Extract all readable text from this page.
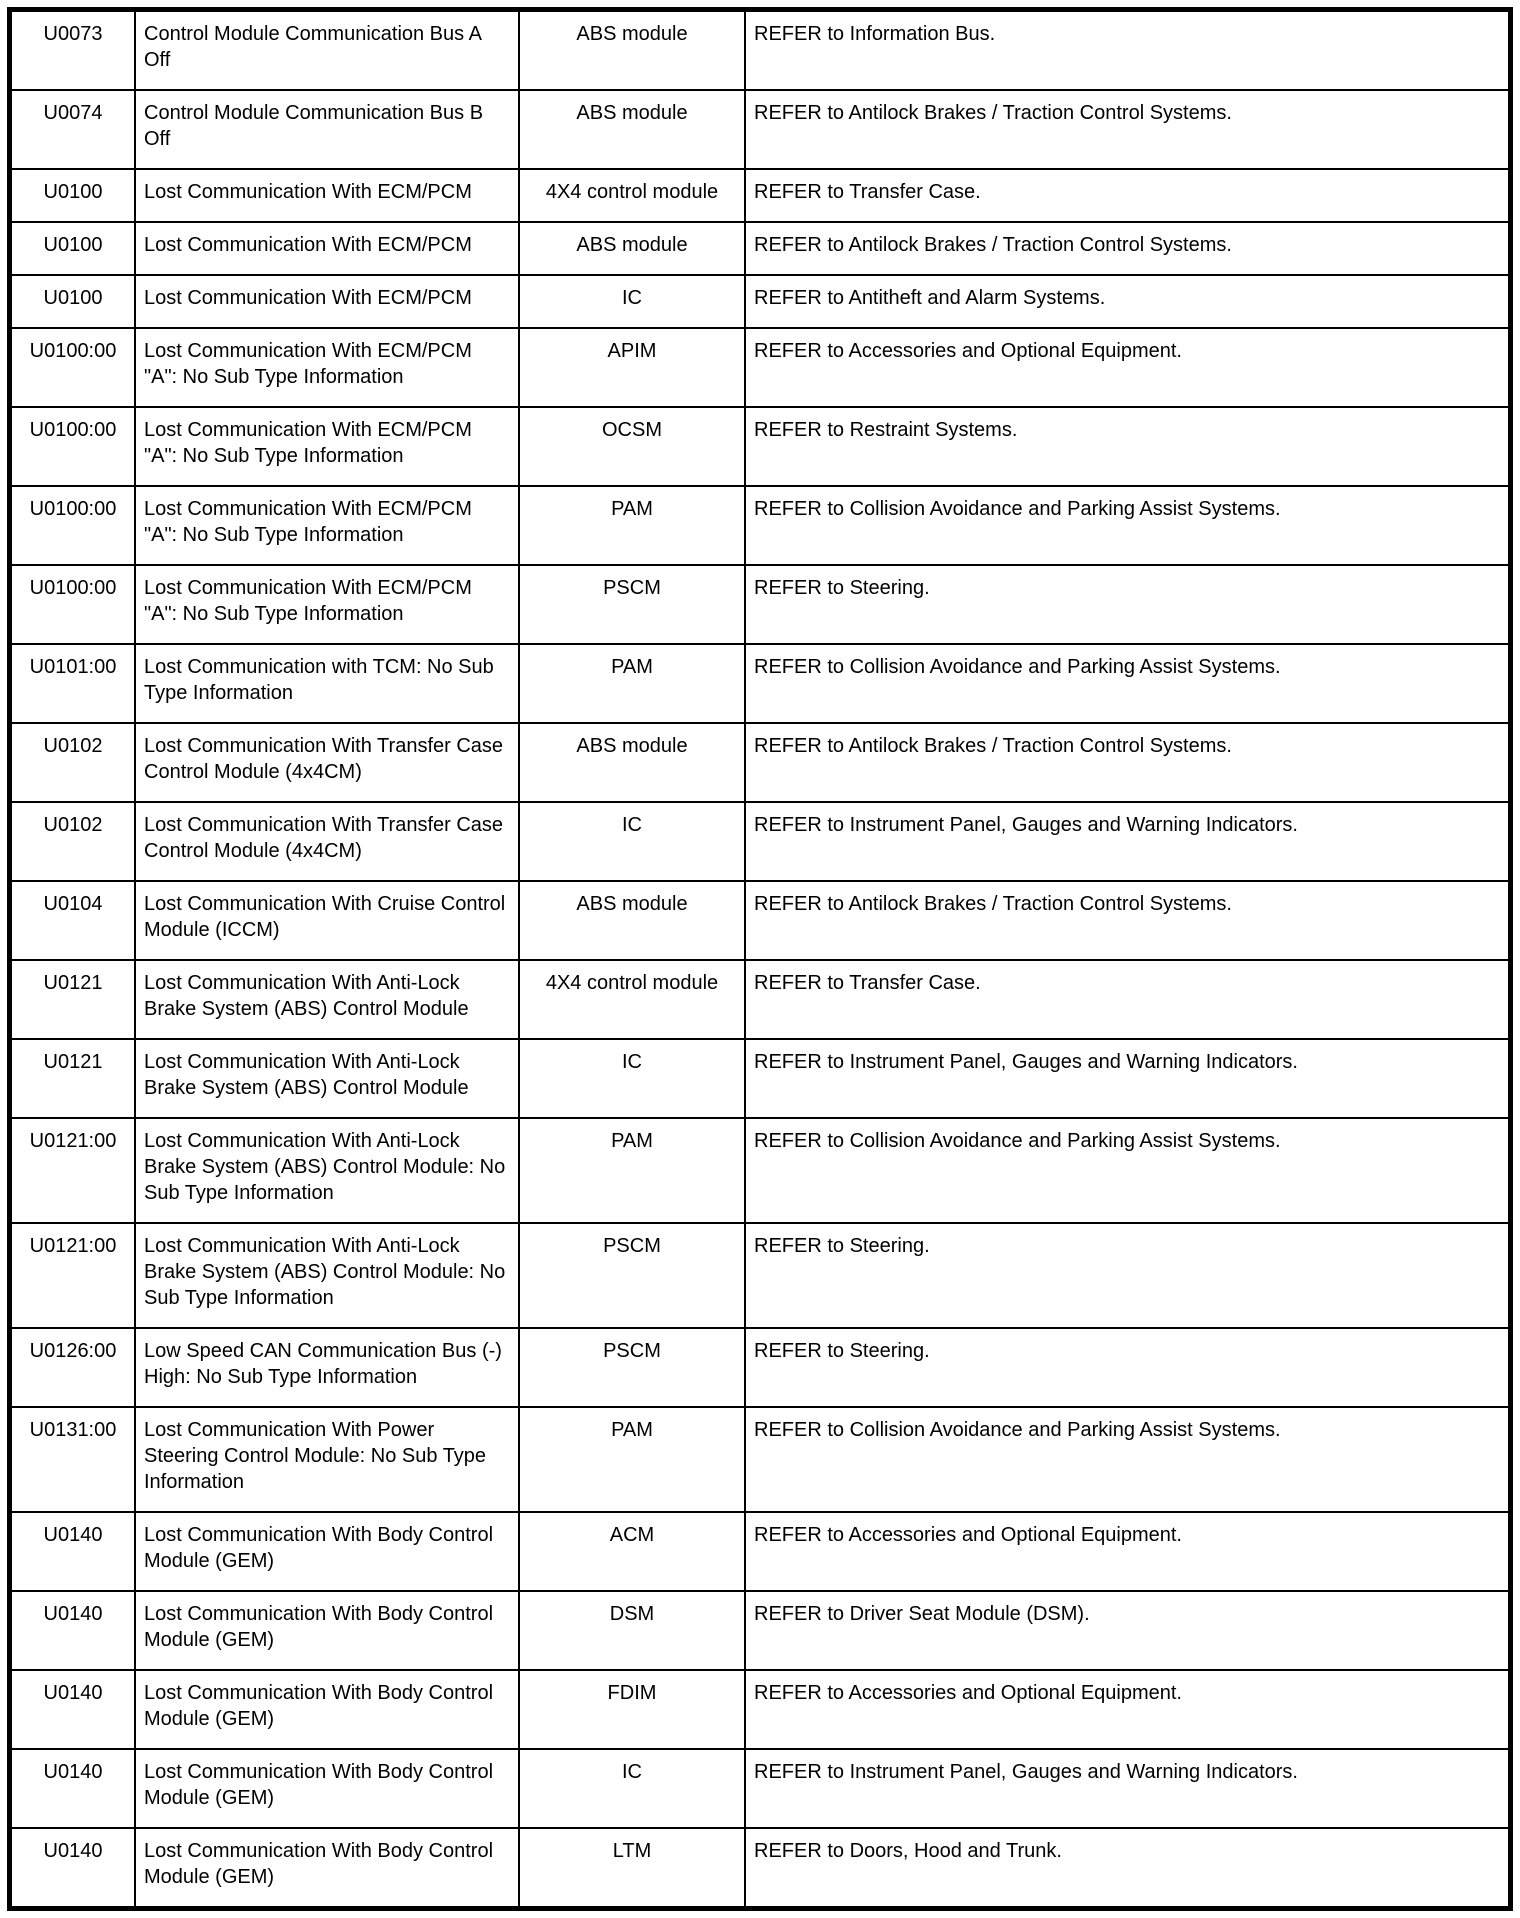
U0073	Control Module Communication Bus A Off	ABS module	REFER to Information Bus.
U0074	Control Module Communication Bus B Off	ABS module	REFER to Antilock Brakes / Traction Control Systems.
U0100	Lost Communication With ECM/PCM	4X4 control module	REFER to Transfer Case.
U0100	Lost Communication With ECM/PCM	ABS module	REFER to Antilock Brakes / Traction Control Systems.
U0100	Lost Communication With ECM/PCM	IC	REFER to Antitheft and Alarm Systems.
U0100:00	Lost Communication With ECM/PCM "A": No Sub Type Information	APIM	REFER to Accessories and Optional Equipment.
U0100:00	Lost Communication With ECM/PCM "A": No Sub Type Information	OCSM	REFER to Restraint Systems.
U0100:00	Lost Communication With ECM/PCM "A": No Sub Type Information	PAM	REFER to Collision Avoidance and Parking Assist Systems.
U0100:00	Lost Communication With ECM/PCM "A": No Sub Type Information	PSCM	REFER to Steering.
U0101:00	Lost Communication with TCM: No Sub Type Information	PAM	REFER to Collision Avoidance and Parking Assist Systems.
U0102	Lost Communication With Transfer Case Control Module (4x4CM)	ABS module	REFER to Antilock Brakes / Traction Control Systems.
U0102	Lost Communication With Transfer Case Control Module (4x4CM)	IC	REFER to Instrument Panel, Gauges and Warning Indicators.
U0104	Lost Communication With Cruise Control Module (ICCM)	ABS module	REFER to Antilock Brakes / Traction Control Systems.
U0121	Lost Communication With Anti-Lock Brake System (ABS) Control Module	4X4 control module	REFER to Transfer Case.
U0121	Lost Communication With Anti-Lock Brake System (ABS) Control Module	IC	REFER to Instrument Panel, Gauges and Warning Indicators.
U0121:00	Lost Communication With Anti-Lock Brake System (ABS) Control Module: No Sub Type Information	PAM	REFER to Collision Avoidance and Parking Assist Systems.
U0121:00	Lost Communication With Anti-Lock Brake System (ABS) Control Module: No Sub Type Information	PSCM	REFER to Steering.
U0126:00	Low Speed CAN Communication Bus (-) High: No Sub Type Information	PSCM	REFER to Steering.
U0131:00	Lost Communication With Power Steering Control Module: No Sub Type Information	PAM	REFER to Collision Avoidance and Parking Assist Systems.
U0140	Lost Communication With Body Control Module (GEM)	ACM	REFER to Accessories and Optional Equipment.
U0140	Lost Communication With Body Control Module (GEM)	DSM	REFER to Driver Seat Module (DSM).
U0140	Lost Communication With Body Control Module (GEM)	FDIM	REFER to Accessories and Optional Equipment.
U0140	Lost Communication With Body Control Module (GEM)	IC	REFER to Instrument Panel, Gauges and Warning Indicators.
U0140	Lost Communication With Body Control Module (GEM)	LTM	REFER to Doors, Hood and Trunk.
